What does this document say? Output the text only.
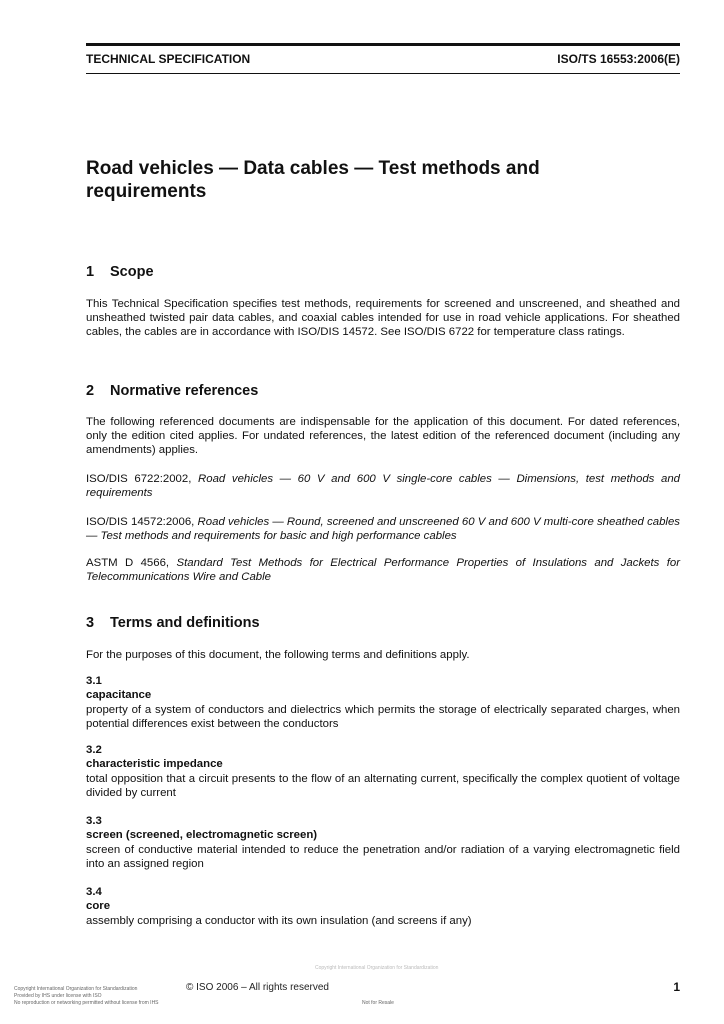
TECHNICAL SPECIFICATION	ISO/TS 16553:2006(E)
Road vehicles — Data cables — Test methods and
requirements
1 Scope

This Technical Specification specifies test methods, requirements for screened and unscreened, and sheathed and unsheathed twisted pair data cables, and coaxial cables intended for use in road vehicle applications. For sheathed cables, the cables are in accordance with ISO/DIS 14572. See ISO/DIS 6722 for temperature class ratings.

2 Normative references

The following referenced documents are indispensable for the application of this document. For dated references, only the edition cited applies. For undated references, the latest edition of the referenced document (including any amendments) applies.

ISO/DIS 6722:2002, Road vehicles — 60 V and 600 V single-core cables — Dimensions, test methods and requirements

ISO/DIS 14572:2006, Road vehicles — Round, screened and unscreened 60 V and 600 V multi-core sheathed cables — Test methods and requirements for basic and high performance cables

ASTM D 4566, Standard Test Methods for Electrical Performance Properties of Insulations and Jackets for Telecommunications Wire and Cable

3 Terms and definitions

For the purposes of this document, the following terms and definitions apply.

3.1
capacitance

property of a system of conductors and dielectrics which permits the storage of electrically separated charges, when potential differences exist between the conductors

3.2
characteristic impedance

total opposition that a circuit presents to the flow of an alternating current, specifically the complex quotient of voltage divided by current

3.3
screen (screened, electromagnetic screen)

screen of conductive material intended to reduce the penetration and/or radiation of a varying electromagnetic field into an assigned region

3.4
core

assembly comprising a conductor with its own insulation (and screens if any)

Copyright International Organization for Standardization
Copyright International Organization for Standardization
Provided by IHS under license with ISO
No reproduction or networking permitted without license from IHS
© ISO 2006 – All rights reserved
Not for Resale
1
